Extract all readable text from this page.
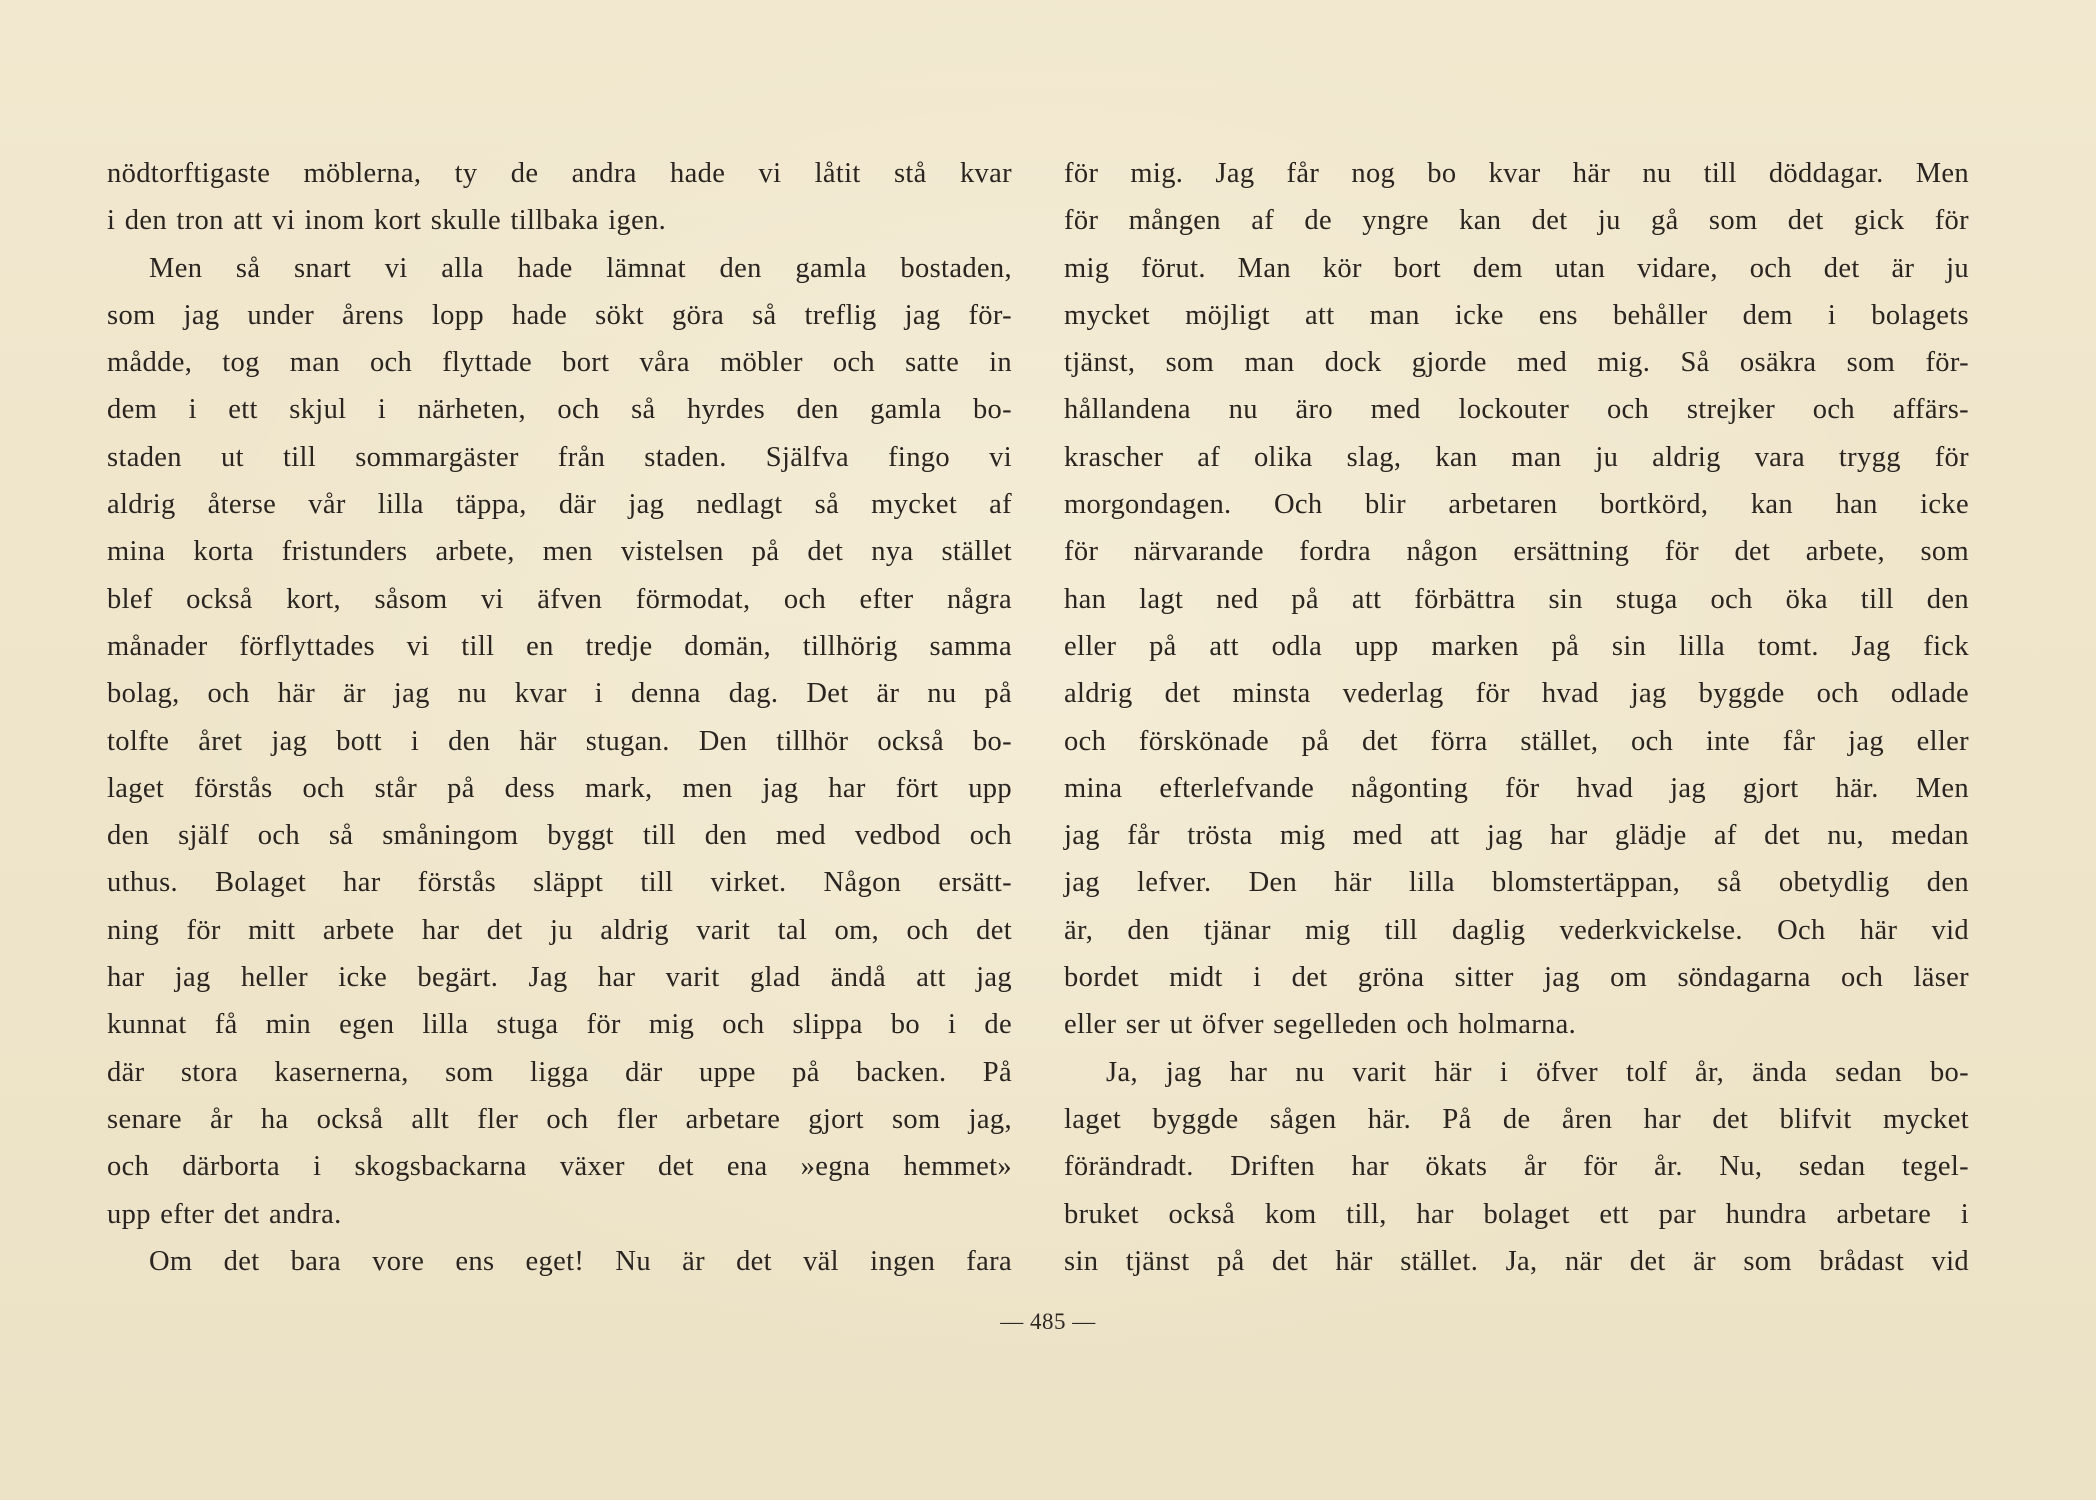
nödtorftigaste möblerna, ty de andra hade vi låtit stå kvar
i den tron att vi inom kort skulle tillbaka igen.
Men så snart vi alla hade lämnat den gamla bostaden,
som jag under årens lopp hade sökt göra så treflig jag för-
mådde, tog man och flyttade bort våra möbler och satte in
dem i ett skjul i närheten, och så hyrdes den gamla bo-
staden ut till sommargäster från staden. Själfva fingo vi
aldrig återse vår lilla täppa, där jag nedlagt så mycket af
mina korta fristunders arbete, men vistelsen på det nya stället
blef också kort, såsom vi äfven förmodat, och efter några
månader förflyttades vi till en tredje domän, tillhörig samma
bolag, och här är jag nu kvar i denna dag. Det är nu på
tolfte året jag bott i den här stugan. Den tillhör också bo-
laget förstås och står på dess mark, men jag har fört upp
den själf och så småningom byggt till den med vedbod och
uthus. Bolaget har förstås släppt till virket. Någon ersätt-
ning för mitt arbete har det ju aldrig varit tal om, och det
har jag heller icke begärt. Jag har varit glad ändå att jag
kunnat få min egen lilla stuga för mig och slippa bo i de
där stora kasernerna, som ligga där uppe på backen. På
senare år ha också allt fler och fler arbetare gjort som jag,
och därborta i skogsbackarna växer det ena »egna hemmet»
upp efter det andra.
Om det bara vore ens eget! Nu är det väl ingen fara
för mig. Jag får nog bo kvar här nu till döddagar. Men
för mången af de yngre kan det ju gå som det gick för
mig förut. Man kör bort dem utan vidare, och det är ju
mycket möjligt att man icke ens behåller dem i bolagets
tjänst, som man dock gjorde med mig. Så osäkra som för-
hållandena nu äro med lockouter och strejker och affärs-
krascher af olika slag, kan man ju aldrig vara trygg för
morgondagen. Och blir arbetaren bortkörd, kan han icke
för närvarande fordra någon ersättning för det arbete, som
han lagt ned på att förbättra sin stuga och öka till den
eller på att odla upp marken på sin lilla tomt. Jag fick
aldrig det minsta vederlag för hvad jag byggde och odlade
och förskönade på det förra stället, och inte får jag eller
mina efterlefvande någonting för hvad jag gjort här. Men
jag får trösta mig med att jag har glädje af det nu, medan
jag lefver. Den här lilla blomstertäppan, så obetydlig den
är, den tjänar mig till daglig vederkvickelse. Och här vid
bordet midt i det gröna sitter jag om söndagarna och läser
eller ser ut öfver segelleden och holmarna.
Ja, jag har nu varit här i öfver tolf år, ända sedan bo-
laget byggde sågen här. På de åren har det blifvit mycket
förändradt. Driften har ökats år för år. Nu, sedan tegel-
bruket också kom till, har bolaget ett par hundra arbetare i
sin tjänst på det här stället. Ja, när det är som brådast vid
— 485 —
